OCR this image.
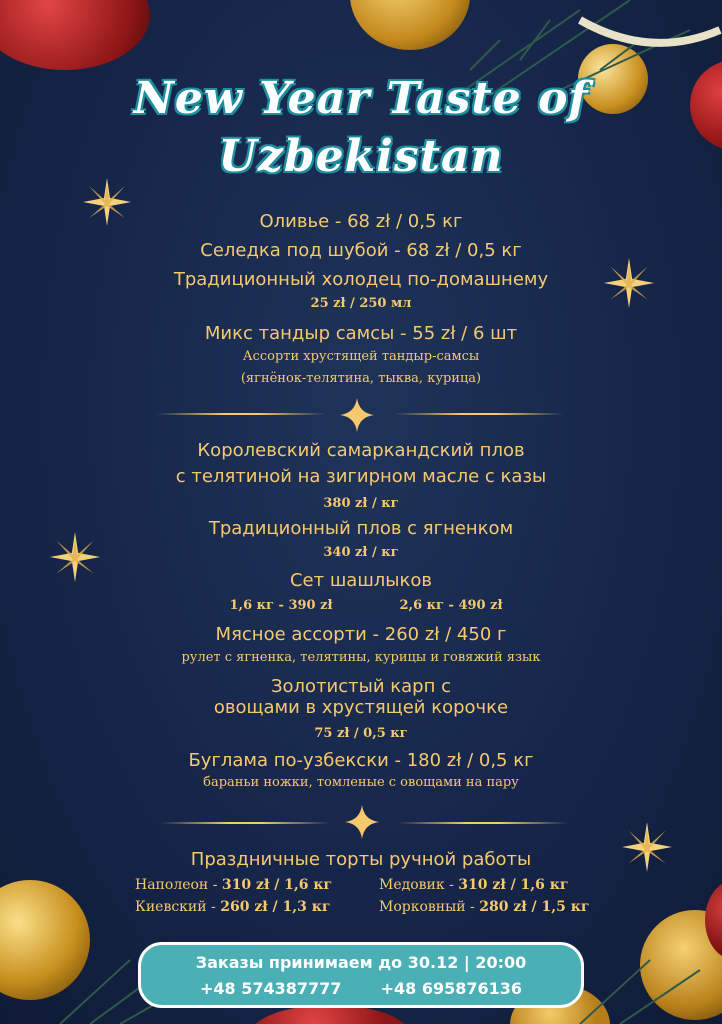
New Year Taste of
Uzbekistan
Оливье - 68 zł / 0,5 кг
Селедка под шубой - 68 zł / 0,5 кг
Традиционный холодец по-домашнему
25 zł / 250 мл
Микс тандыр самсы - 55 zł / 6 шт
Ассорти хрустящей тандыр-самсы
(ягнёнок-телятина, тыква, курица)
Королевский самаркандский плов
с телятиной на зигирном масле с казы
380 zł / кг
Традиционный плов с ягненком
340 zł / кг
Сет шашлыков
1,6 кг - 390 zł	2,6 кг - 490 zł
Мясное ассорти - 260 zł / 450 г
рулет с ягненка, телятины, курицы и говяжий язык
Золотистый карп с
овощами в хрустящей корочке
75 zł / 0,5 кг
Буглама по-узбекски - 180 zł / 0,5 кг
бараньи ножки, томленые с овощами на пару
Праздничные торты ручной работы
Наполеон - 310 zł / 1,6 кг	Медовик - 310 zł / 1,6 кг
Киевский - 260 zł / 1,3 кг	Морковный - 280 zł / 1,5 кг
Заказы принимаем до 30.12 | 20:00
+48 574387777 +48 695876136
